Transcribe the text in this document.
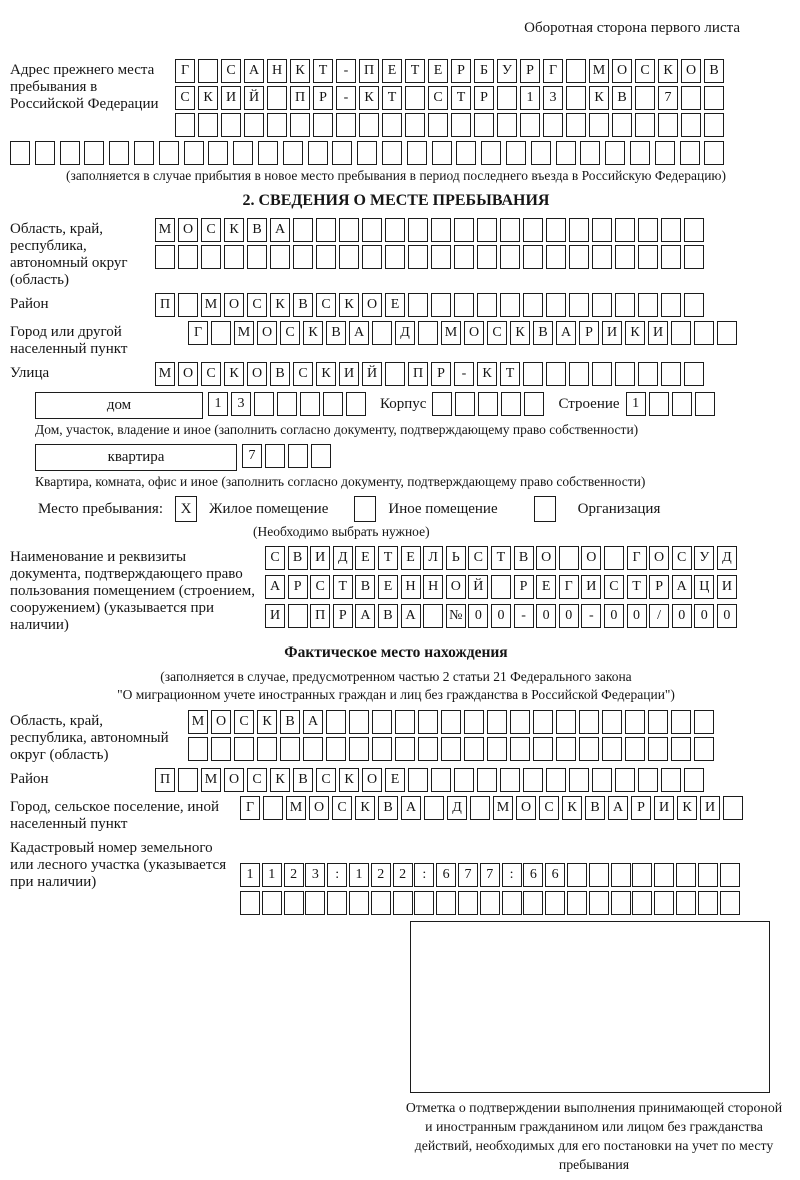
Оборотная сторона первого листа
Адрес прежнего места пребывания в Российской Федерации
Г	С А Н К	Т	-	П Е	Т	Е	Р	Б	У	Р	Г	М О С К О В
С К И Й	П	Р	-	К	Т	С	Т	Р	1	3	К В	7
(заполняется в случае прибытия в новое место пребывания в период последнего въезда в Российскую Федерацию)
2. СВЕДЕНИЯ О МЕСТЕ ПРЕБЫВАНИЯ
Область, край, республика, автономный округ (область)
М О С К В А
Район	П	М О С К В С К О Е
Город или другой населенный пункт
Г	М О С К В А	Д	М О С К В А	Р	И К И
Улица	М О С К О В С К И Й	П	Р	-	К	Т
дом	1	3	Корпус	Строение 1
Дом, участок, владение и иное (заполнить согласно документу, подтверждающему право собственности)
квартира	7
Квартира, комната, офис и иное (заполнить согласно документу, подтверждающему право собственности)
Место пребывания:	X	Жилое помещение	Иное помещение	Организация
(Необходимо выбрать нужное)
Наименование и реквизиты документа, подтверждающего право пользования помещением (строением, сооружением) (указывается при наличии)
С В И Д Е	Т	Е Л Ь С Т В О	О	Г О С У Д
А Р	С Т В Е Н Н О Й	Р	Е	Г И С Т	Р А Ц И
И	П Р А В А	№ 0	0	-	0	0	-	0	0	/	0	0	0
Фактическое место нахождения
(заполняется в случае, предусмотренном частью 2 статьи 21 Федерального закона
"О миграционном учете иностранных граждан и лиц без гражданства в Российской Федерации")
Область, край, республика, автономный округ (область)
М О С К В А
Район	П	М О С К В С К О Е
Город, сельское поселение, иной населенный пункт
Г	М О С К В А	Д	М О С К В А	Р	И К И
Кадастровый номер земельного или лесного участка (указывается при наличии)	1	1	2	3	:	1	2	2	:	6	7	7	:	6	6
Отметка о подтверждении выполнения принимающей стороной и иностранным гражданином или лицом без гражданства действий, необходимых для его постановки на учет по месту пребывания
